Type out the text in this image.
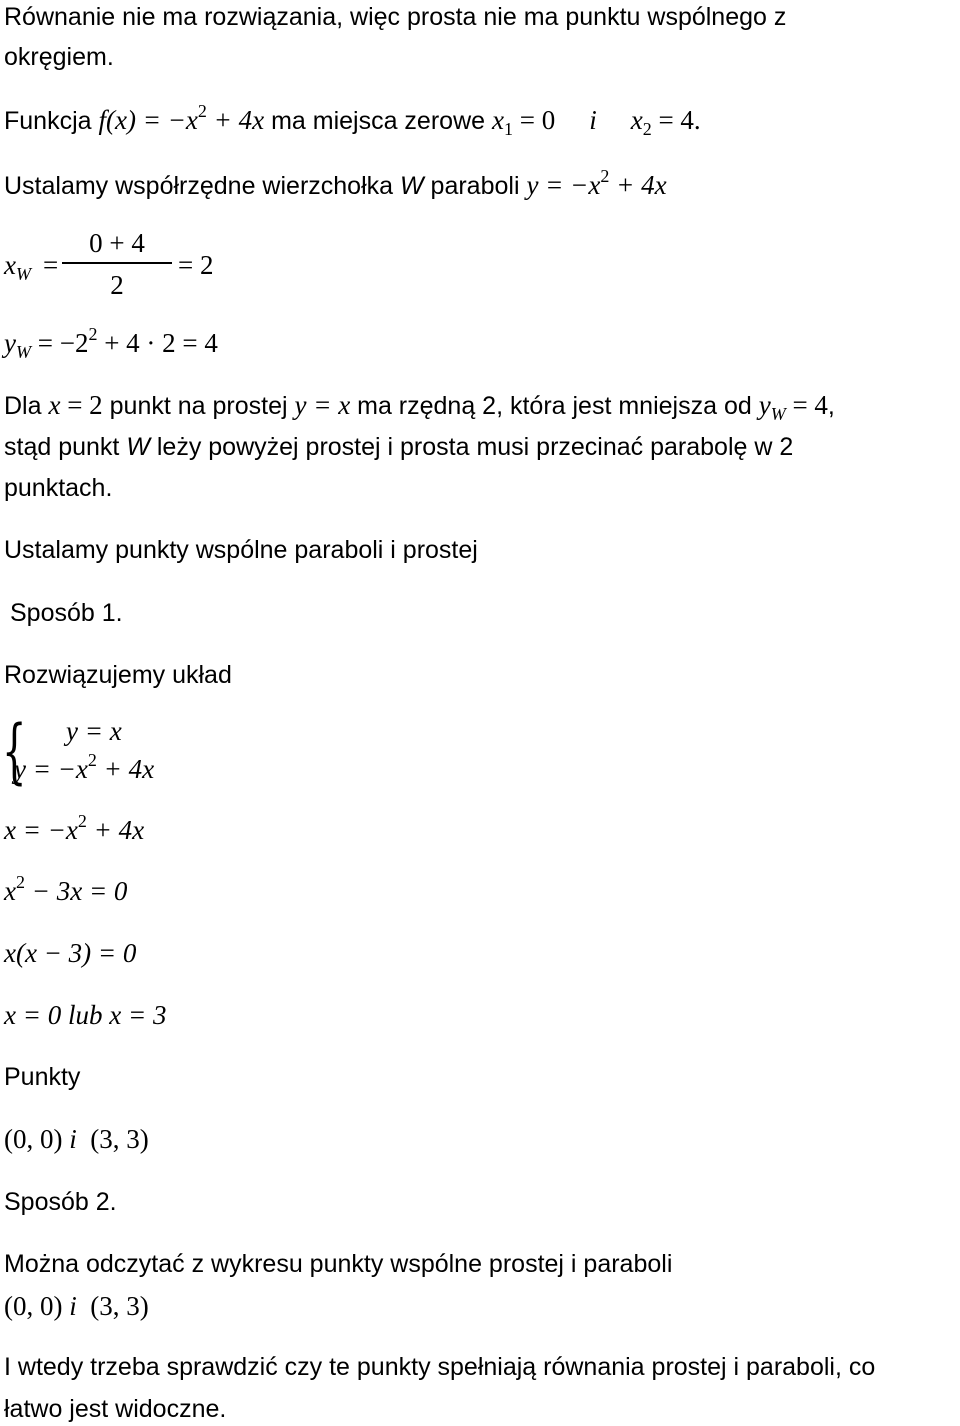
Równanie nie ma rozwiązania, więc prosta nie ma punktu wspólnego z
okręgiem.
Funkcja $f(x) = -x^2 + 4x$ ma miejsca zerowe $x_1 = 0$ i $x_2 = 4$.
Ustalamy współrzędne wierzchołka W paraboli $y = -x^2 + 4x$
$x_W$ =
0 + 4
2
= 2
$y_W = -2^2 + 4 \cdot 2 = 4$
Dla x = 2 punkt na prostej y = x ma rzędną 2, która jest mniejsza od $y_W = 4$,
stąd punkt W leży powyżej prostej i prosta musi przecinać parabolę w 2
punktach.
Ustalamy punkty wspólne paraboli i prostej
Sposób 1.
Rozwiązujemy układ
{ y = x
$y = -x^2 + 4x$
$x = -x^2 + 4x$
$x^2 - 3x = 0$
x(x − 3) = 0
x = 0 lub x = 3
Punkty
(0, 0) i  (3, 3)
Sposób 2.
Można odczytać z wykresu punkty wspólne prostej i paraboli
(0, 0) i  (3, 3)
I wtedy trzeba sprawdzić czy te punkty spełniają równania prostej i paraboli, co
łatwo jest widoczne.
